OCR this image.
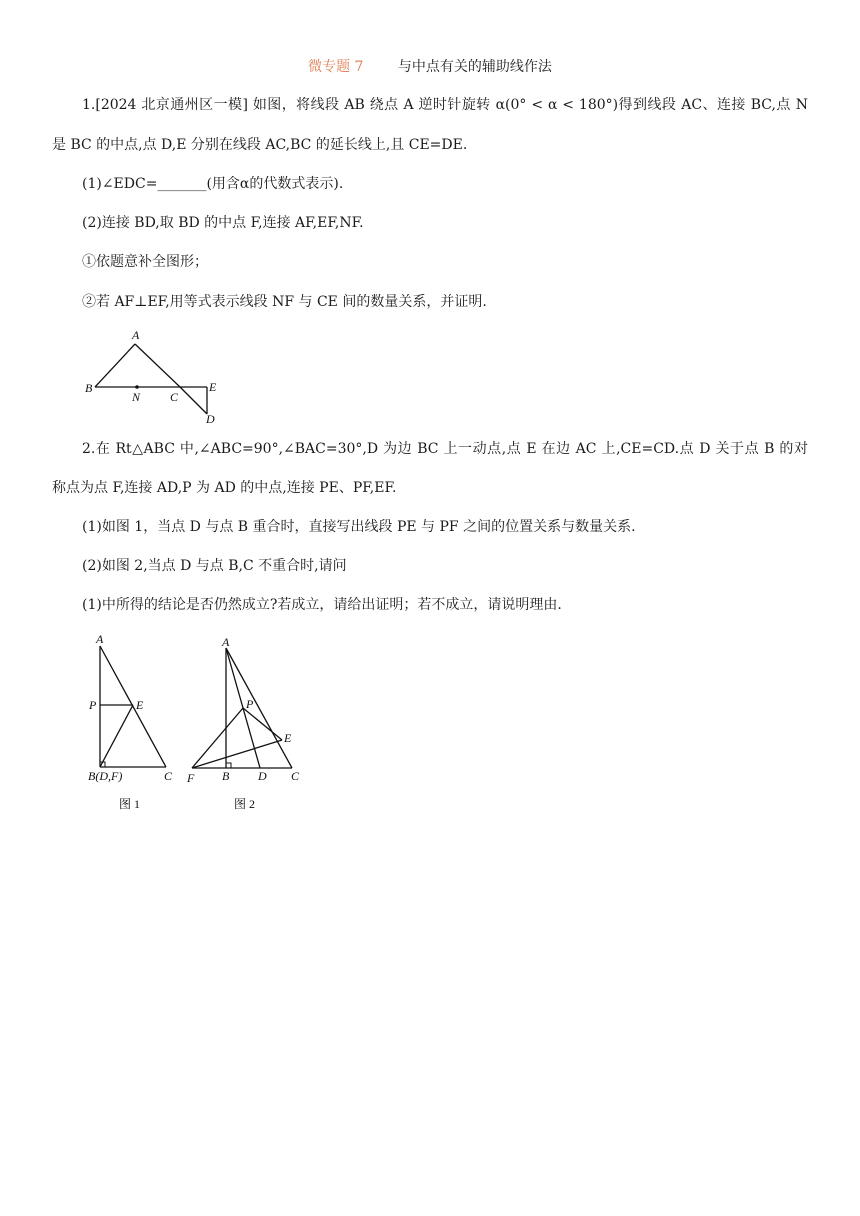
微专题 7 与中点有关的辅助线作法
1.[2024 北京通州区一模] 如图，将线段 AB 绕点 A 逆时针旋转 α(0° < α < 180°)得到线段 AC、连接 BC,点 N
是 BC 的中点,点 D,E 分别在线段 AC,BC 的延长线上,且 CE=DE.
(1)∠EDC=_______(用含α的代数式表示).
(2)连接 BD,取 BD 的中点 F,连接 AF,EF,NF.
①依题意补全图形；
②若 AF⊥EF,用等式表示线段 NF 与 CE 间的数量关系，并证明.
A
B
N C
E
D
2.在 Rt△ABC 中,∠ABC=90°,∠BAC=30°,D 为边 BC 上一动点,点 E 在边 AC 上,CE=CD.点 D 关于点 B 的对
称点为点 F,连接 AD,P 为 AD 的中点,连接 PE、PF,EF.
(1)如图 1，当点 D 与点 B 重合时，直接写出线段 PE 与 PF 之间的位置关系与数量关系.
(2)如图 2,当点 D 与点 B,C 不重合时,请问
(1)中所得的结论是否仍然成立?若成立，请给出证明；若不成立，请说明理由.
A
P	E
B(D,F)	C
图 1
A
P
E
F B D C
图 2
